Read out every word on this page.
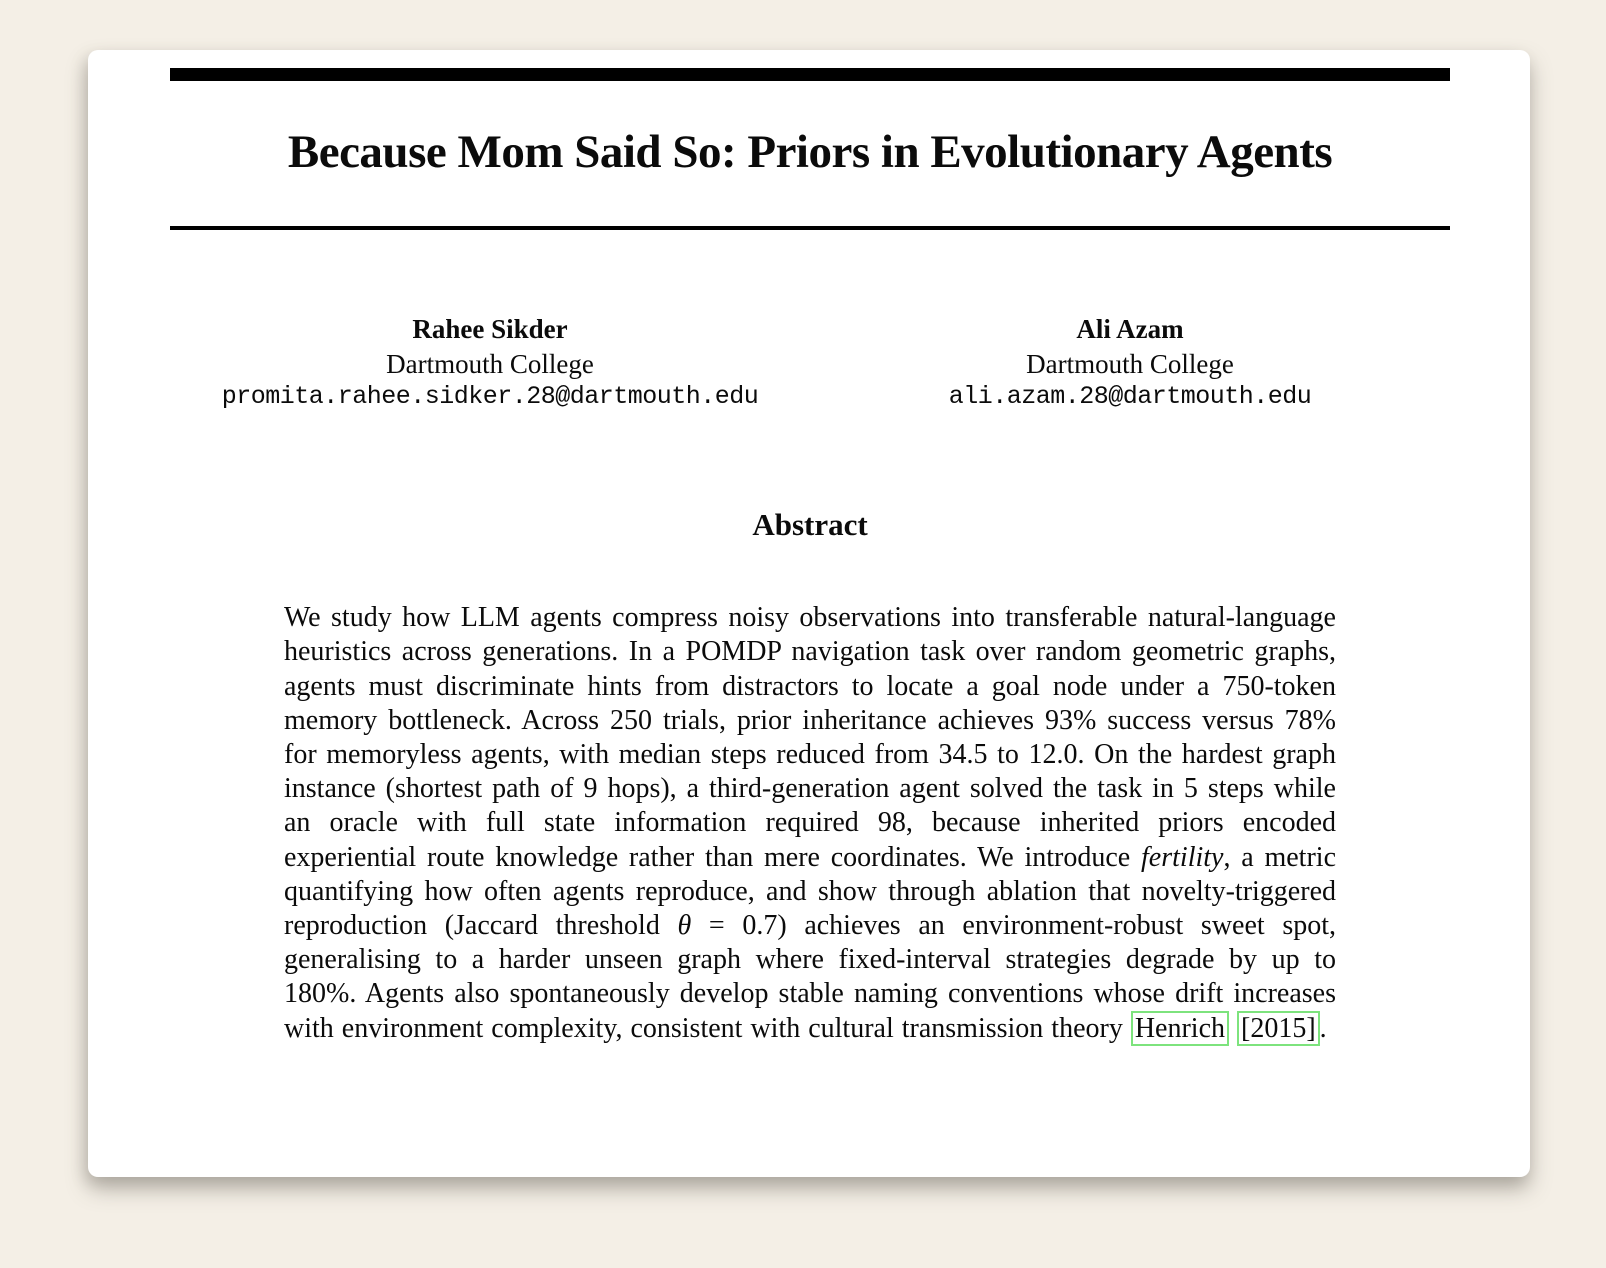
Because Mom Said So: Priors in Evolutionary Agents
Rahee Sikder
Dartmouth College
promita.rahee.sidker.28@dartmouth.edu
Ali Azam
Dartmouth College
ali.azam.28@dartmouth.edu
Abstract

We study how LLM agents compress noisy observations into transferable natural-language heuristics across generations. In a POMDP navigation task over random geometric graphs, agents must discriminate hints from distractors to locate a goal node under a 750-token memory bottleneck. Across 250 trials, prior inheritance achieves 93% success versus 78% for memoryless agents, with median steps reduced from 34.5 to 12.0. On the hardest graph instance (shortest path of 9 hops), a third-generation agent solved the task in 5 steps while an oracle with full state information required 98, because inherited priors encoded experiential route knowledge rather than mere coordinates. We introduce fertility, a metric quantifying how often agents reproduce, and show through ablation that novelty-triggered reproduction (Jaccard threshold θ = 0.7) achieves an environment-robust sweet spot, generalising to a harder unseen graph where fixed-interval strategies degrade by up to 180%. Agents also spontaneously develop stable naming conventions whose drift increases with environment complexity, consistent with cultural transmission theory Henrich [2015] .
